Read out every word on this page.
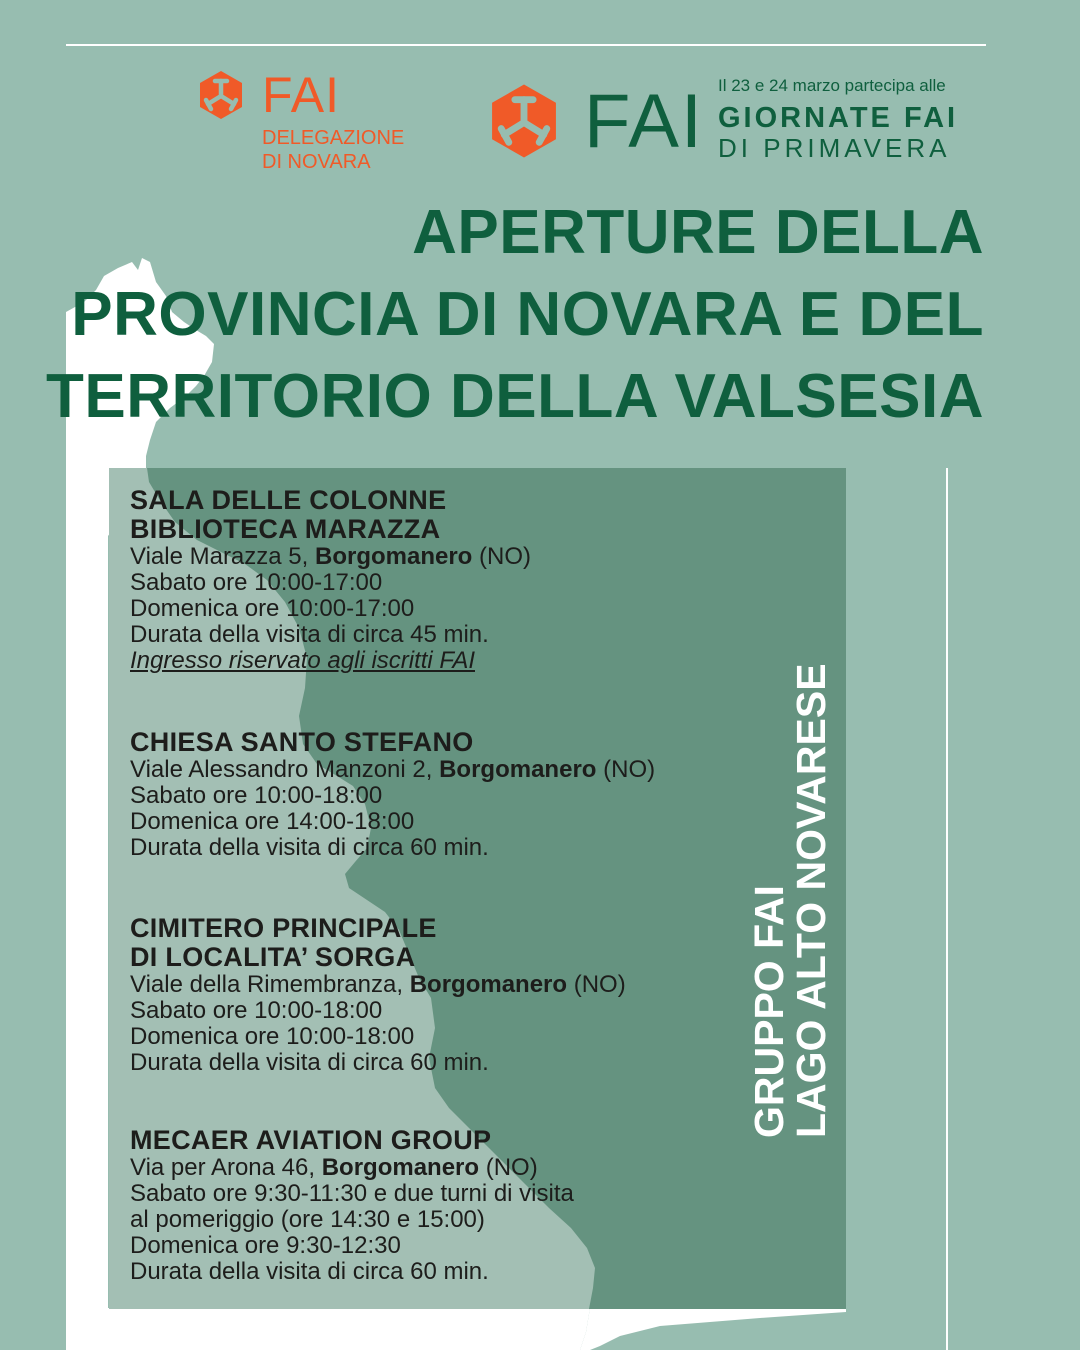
FAI
DELEGAZIONE
DI NOVARA	FAI Il 23 e 24 marzo partecipa alle
GIORNATE FAI
DI PRIMAVERA
APERTURE DELLA
PROVINCIA DI NOVARA E DEL
TERRITORIO DELLA VALSESIA
SALA DELLE COLONNE
BIBLIOTECA MARAZZA
Viale Marazza 5, Borgomanero (NO)
Sabato ore 10:00-17:00
Domenica ore 10:00-17:00
Durata della visita di circa 45 min.
Ingresso riservato agli iscritti FAI
CHIESA SANTO STEFANO
Viale Alessandro Manzoni 2, Borgomanero (NO)
Sabato ore 10:00-18:00
Domenica ore 14:00-18:00
Durata della visita di circa 60 min.
CIMITERO PRINCIPALE
DI LOCALITA’ SORGA
Viale della Rimembranza, Borgomanero (NO)
Sabato ore 10:00-18:00
Domenica ore 10:00-18:00
Durata della visita di circa 60 min.
MECAER AVIATION GROUP
Via per Arona 46, Borgomanero (NO)
Sabato ore 9:30-11:30 e due turni di visita
al pomeriggio (ore 14:30 e 15:00)
Domenica ore 9:30-12:30
Durata della visita di circa 60 min.
GRUPPO FAI
LAGO ALTO NOVARESE
